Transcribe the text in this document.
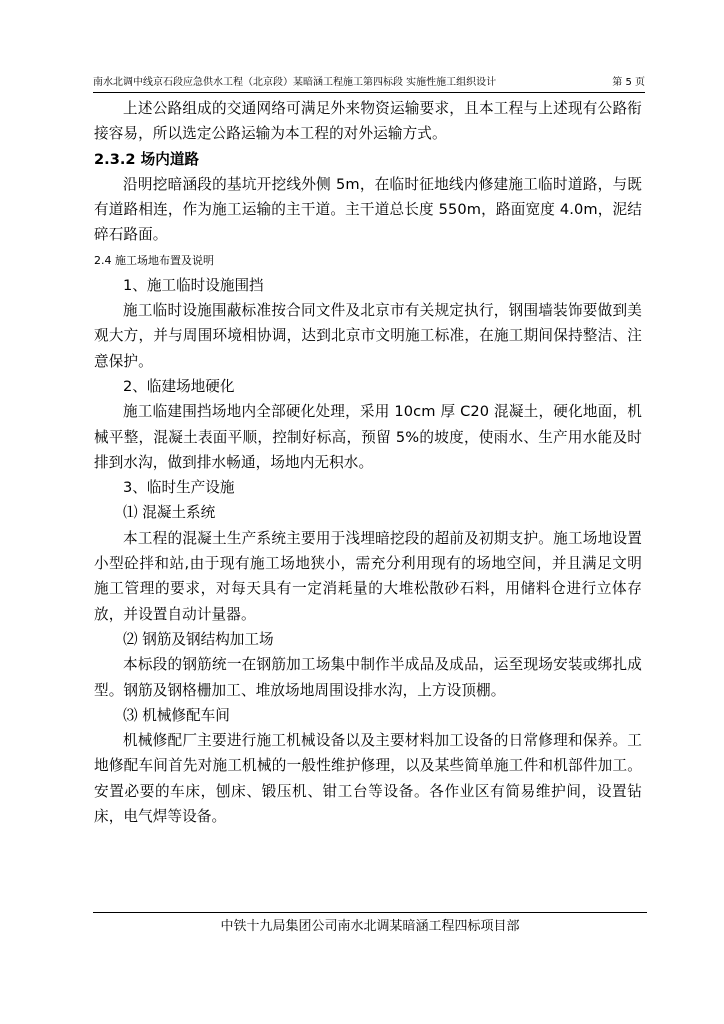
南水北调中线京石段应急供水工程（北京段）某暗涵工程施工第四标段 实施性施工组织设计	第 5 页

上述公路组成的交通网络可满足外来物资运输要求，且本工程与上述现有公路衔接容易，所以选定公路运输为本工程的对外运输方式。

2.3.2 场内道路

沿明挖暗涵段的基坑开挖线外侧 5m，在临时征地线内修建施工临时道路，与既有道路相连，作为施工运输的主干道。主干道总长度 550m，路面宽度 4.0m，泥结碎石路面。

2.4 施工场地布置及说明

1、施工临时设施围挡

施工临时设施围蔽标准按合同文件及北京市有关规定执行，钢围墙装饰要做到美观大方，并与周围环境相协调，达到北京市文明施工标准，在施工期间保持整洁、注意保护。

2、临建场地硬化

施工临建围挡场地内全部硬化处理，采用 10cm 厚 C20 混凝土，硬化地面，机械平整，混凝土表面平顺，控制好标高，预留 5%的坡度，使雨水、生产用水能及时排到水沟，做到排水畅通，场地内无积水。

3、临时生产设施

⑴ 混凝土系统

本工程的混凝土生产系统主要用于浅埋暗挖段的超前及初期支护。施工场地设置小型砼拌和站,由于现有施工场地狭小，需充分利用现有的场地空间，并且满足文明施工管理的要求，对每天具有一定消耗量的大堆松散砂石料，用储料仓进行立体存放，并设置自动计量器。

⑵ 钢筋及钢结构加工场

本标段的钢筋统一在钢筋加工场集中制作半成品及成品，运至现场安装或绑扎成型。钢筋及钢格栅加工、堆放场地周围设排水沟，上方设顶棚。

⑶ 机械修配车间

机械修配厂主要进行施工机械设备以及主要材料加工设备的日常修理和保养。工地修配车间首先对施工机械的一般性维护修理，以及某些简单施工件和机部件加工。安置必要的车床，刨床、锻压机、钳工台等设备。各作业区有简易维护间，设置钻床，电气焊等设备。

中铁十九局集团公司南水北调某暗涵工程四标项目部
